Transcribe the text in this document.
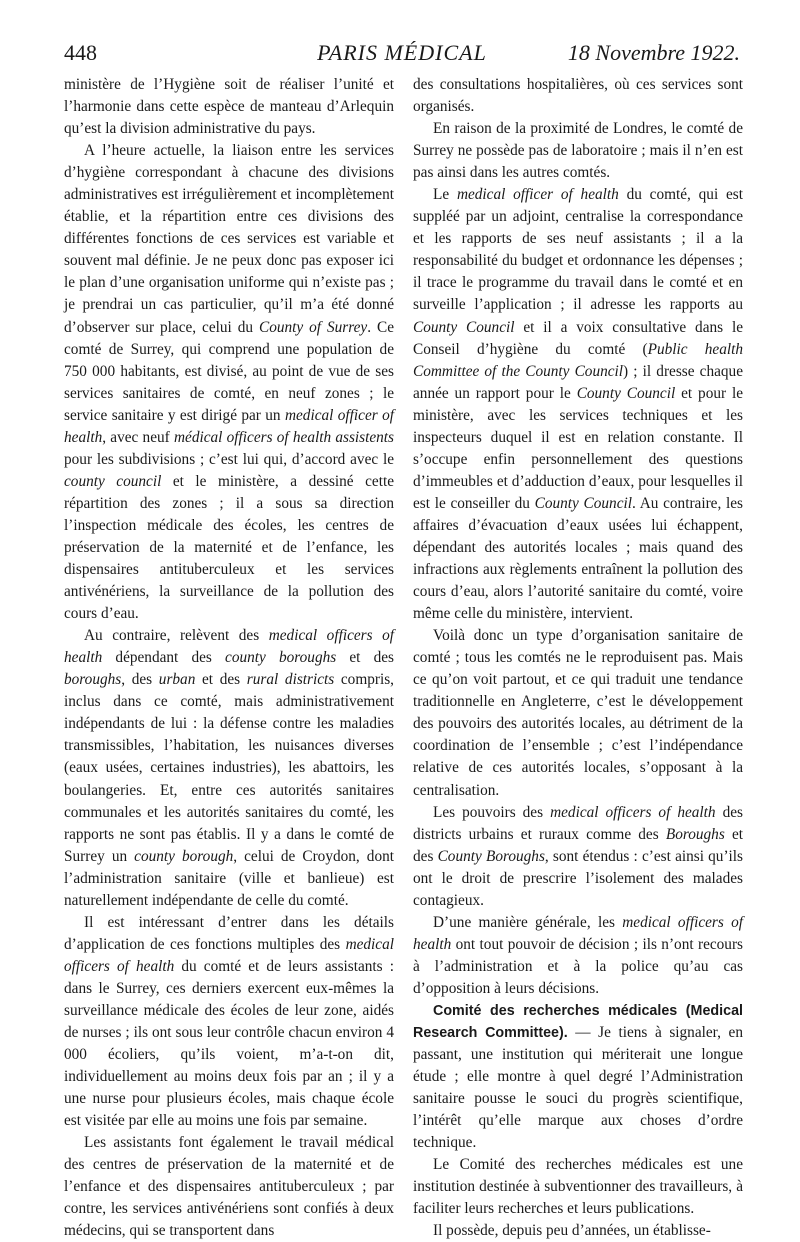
448	PARIS MÉDICAL	18 Novembre 1922.

ministère de l’Hygiène soit de réaliser l’unité et l’harmonie dans cette espèce de manteau d’Arlequin qu’est la division administrative du pays.

A l’heure actuelle, la liaison entre les services d’hygiène correspondant à chacune des divisions administratives est irrégulièrement et incomplètement établie, et la répartition entre ces divisions des différentes fonctions de ces services est variable et souvent mal définie. Je ne peux donc pas exposer ici le plan d’une organisation uniforme qui n’existe pas ; je prendrai un cas particulier, qu’il m’a été donné d’observer sur place, celui du County of Surrey. Ce comté de Surrey, qui comprend une population de 750 000 habitants, est divisé, au point de vue de ses services sanitaires de comté, en neuf zones ; le service sanitaire y est dirigé par un medical officer of health, avec neuf médical officers of health assistents pour les subdivisions ; c’est lui qui, d’accord avec le county council et le ministère, a dessiné cette répartition des zones ; il a sous sa direction l’inspection médicale des écoles, les centres de préservation de la maternité et de l’enfance, les dispensaires antituberculeux et les services antivénériens, la surveillance de la pollution des cours d’eau.

Au contraire, relèvent des medical officers of health dépendant des county boroughs et des boroughs, des urban et des rural districts compris, inclus dans ce comté, mais administrativement indépendants de lui : la défense contre les maladies transmissibles, l’habitation, les nuisances diverses (eaux usées, certaines industries), les abattoirs, les boulangeries. Et, entre ces autorités sanitaires communales et les autorités sanitaires du comté, les rapports ne sont pas établis. Il y a dans le comté de Surrey un county borough, celui de Croydon, dont l’administration sanitaire (ville et banlieue) est naturellement indépendante de celle du comté.

Il est intéressant d’entrer dans les détails d’application de ces fonctions multiples des medical officers of health du comté et de leurs assistants : dans le Surrey, ces derniers exercent eux-mêmes la surveillance médicale des écoles de leur zone, aidés de nurses ; ils ont sous leur contrôle chacun environ 4 000 écoliers, qu’ils voient, m’a-t-on dit, individuellement au moins deux fois par an ; il y a une nurse pour plusieurs écoles, mais chaque école est visitée par elle au moins une fois par semaine.

Les assistants font également le travail médical des centres de préservation de la maternité et de l’enfance et des dispensaires antituberculeux ; par contre, les services antivénériens sont confiés à deux médecins, qui se transportent dans

des consultations hospitalières, où ces services sont organisés.

En raison de la proximité de Londres, le comté de Surrey ne possède pas de laboratoire ; mais il n’en est pas ainsi dans les autres comtés.

Le medical officer of health du comté, qui est suppléé par un adjoint, centralise la correspondance et les rapports de ses neuf assistants ; il a la responsabilité du budget et ordonnance les dépenses ; il trace le programme du travail dans le comté et en surveille l’application ; il adresse les rapports au County Council et il a voix consultative dans le Conseil d’hygiène du comté (Public health Committee of the County Council) ; il dresse chaque année un rapport pour le County Council et pour le ministère, avec les services techniques et les inspecteurs duquel il est en relation constante. Il s’occupe enfin personnellement des questions d’immeubles et d’adduction d’eaux, pour lesquelles il est le conseiller du County Council. Au contraire, les affaires d’évacuation d’eaux usées lui échappent, dépendant des autorités locales ; mais quand des infractions aux règlements entraînent la pollution des cours d’eau, alors l’autorité sanitaire du comté, voire même celle du ministère, intervient.

Voilà donc un type d’organisation sanitaire de comté ; tous les comtés ne le reproduisent pas. Mais ce qu’on voit partout, et ce qui traduit une tendance traditionnelle en Angleterre, c’est le développement des pouvoirs des autorités locales, au détriment de la coordination de l’ensemble ; c’est l’indépendance relative de ces autorités locales, s’opposant à la centralisation.

Les pouvoirs des medical officers of health des districts urbains et ruraux comme des Boroughs et des County Boroughs, sont étendus : c’est ainsi qu’ils ont le droit de prescrire l’isolement des malades contagieux.

D’une manière générale, les medical officers of health ont tout pouvoir de décision ; ils n’ont recours à l’administration et à la police qu’au cas d’opposition à leurs décisions.

Comité des recherches médicales (Medical Research Committee). — Je tiens à signaler, en passant, une institution qui mériterait une longue étude ; elle montre à quel degré l’Administration sanitaire pousse le souci du progrès scientifique, l’intérêt qu’elle marque aux choses d’ordre technique.

Le Comité des recherches médicales est une institution destinée à subventionner des travailleurs, à faciliter leurs recherches et leurs publications.

Il possède, depuis peu d’années, un établisse-
